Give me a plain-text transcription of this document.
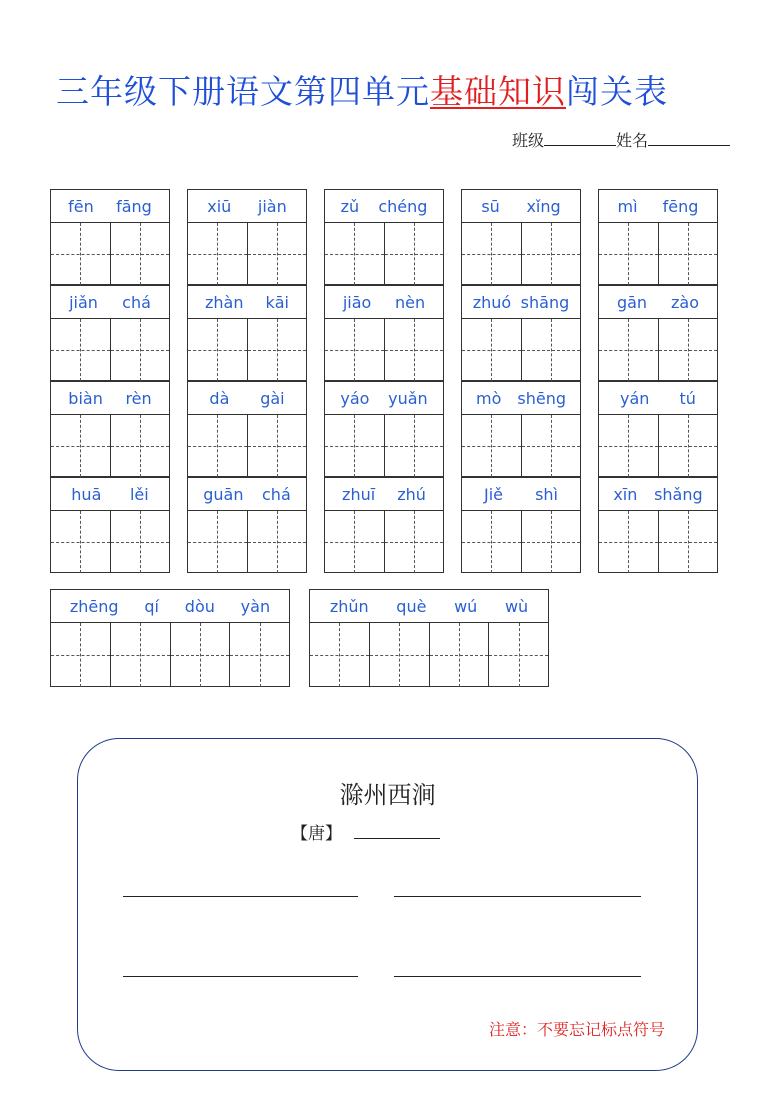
三年级下册语文第四单元基础知识闯关表
班级	姓名
fēn fāng	xiū jiàn	zǔ chéng	sū xǐng	mì fēng
jiǎn chá	zhàn kāi	jiāo nèn	zhuó shāng	gān zào
biàn rèn	dà gài	yáo yuǎn	mò shēng	yán tú
huā lěi	guān chá	zhuī zhú	Jiě shì	xīn shǎng
zhēng qí dòu yàn	zhǔn què wú wù
滁州西涧
【唐】
注意：不要忘记标点符号
